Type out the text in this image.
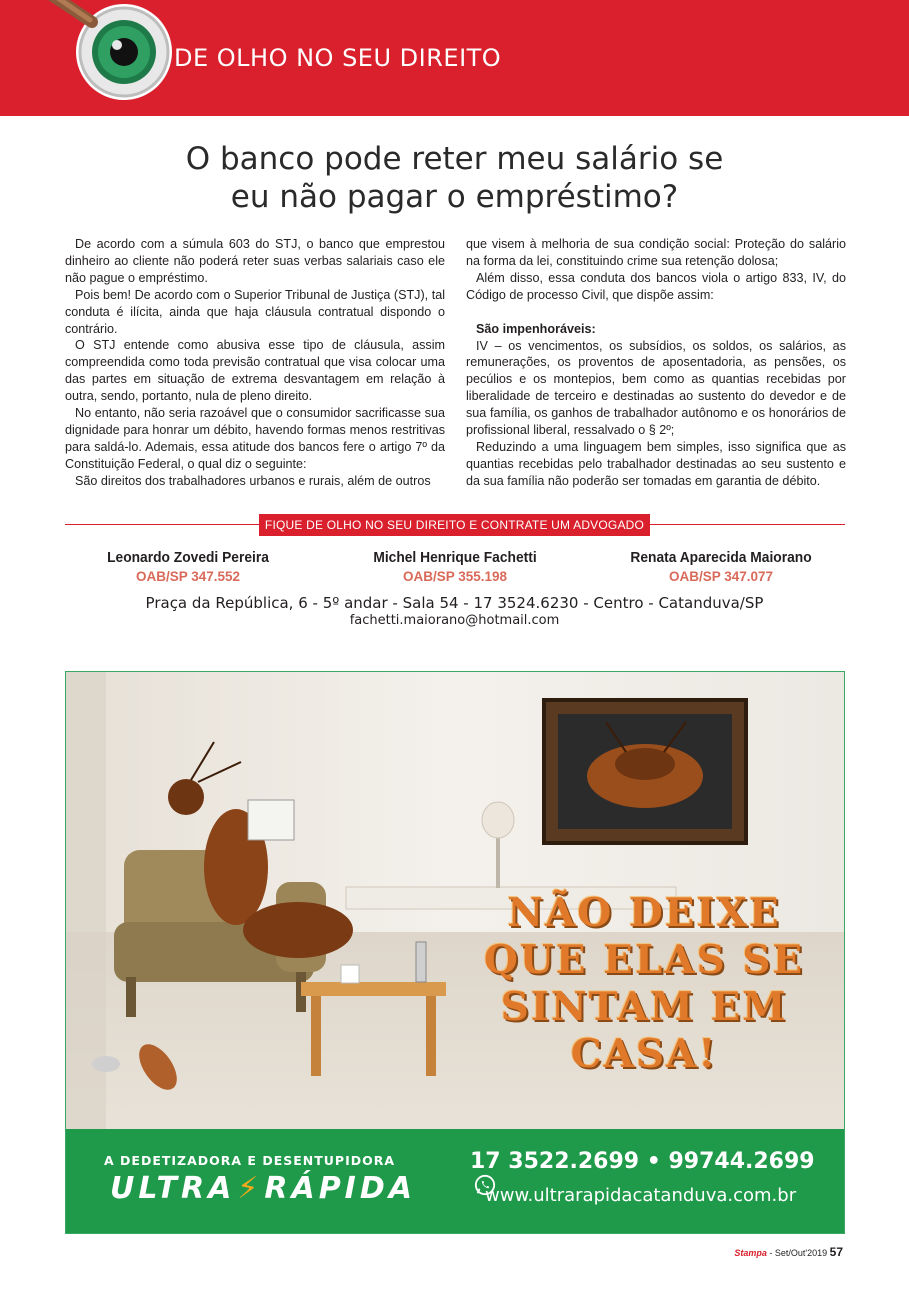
DE OLHO NO SEU DIREITO
O banco pode reter meu salário se
eu não pagar o empréstimo?

De acordo com a súmula 603 do STJ, o banco que emprestou dinheiro ao cliente não poderá reter suas verbas salariais caso ele não pague o empréstimo.

Pois bem! De acordo com o Superior Tribunal de Justiça (STJ), tal conduta é ilícita, ainda que haja cláusula contratual dispondo o contrário.

O STJ entende como abusiva esse tipo de cláusula, assim compreendida como toda previsão contratual que visa colocar uma das partes em situação de extrema desvantagem em relação à outra, sendo, portanto, nula de pleno direito.

No entanto, não seria razoável que o consumidor sacrificasse sua dignidade para honrar um débito, havendo formas menos restritivas para saldá-lo. Ademais, essa atitude dos bancos fere o artigo 7º da Constituição Federal, o qual diz o seguinte:

São direitos dos trabalhadores urbanos e rurais, além de outros

que visem à melhoria de sua condição social: Proteção do salário na forma da lei, constituindo crime sua retenção dolosa;

Além disso, essa conduta dos bancos viola o artigo 833, IV, do Código de processo Civil, que dispõe assim:

São impenhoráveis:

IV – os vencimentos, os subsídios, os soldos, os salários, as remunerações, os proventos de aposentadoria, as pensões, os pecúlios e os montepios, bem como as quantias recebidas por liberalidade de terceiro e destinadas ao sustento do devedor e de sua família, os ganhos de trabalhador autônomo e os honorários de profissional liberal, ressalvado o § 2º;

Reduzindo a uma linguagem bem simples, isso significa que as quantias recebidas pelo trabalhador destinadas ao seu sustento e da sua família não poderão ser tomadas em garantia de débito.

FIQUE DE OLHO NO SEU DIREITO E CONTRATE UM ADVOGADO
Leonardo Zovedi Pereira
OAB/SP 347.552
Michel Henrique Fachetti
OAB/SP 355.198
Renata Aparecida Maiorano
OAB/SP 347.077
Praça da República, 6 - 5º andar - Sala 54 - 17 3524.6230 - Centro - Catanduva/SP
fachetti.maiorano@hotmail.com
NÃO DEIXE
QUE ELAS SE
SINTAM EM
CASA!
A DEDETIZADORA E DESENTUPIDORA
ULTRA⚡RÁPIDA
17 3522.2699 • 99744.2699
www.ultrarapidacatanduva.com.br
Stampa - Set/Out'2019 57
